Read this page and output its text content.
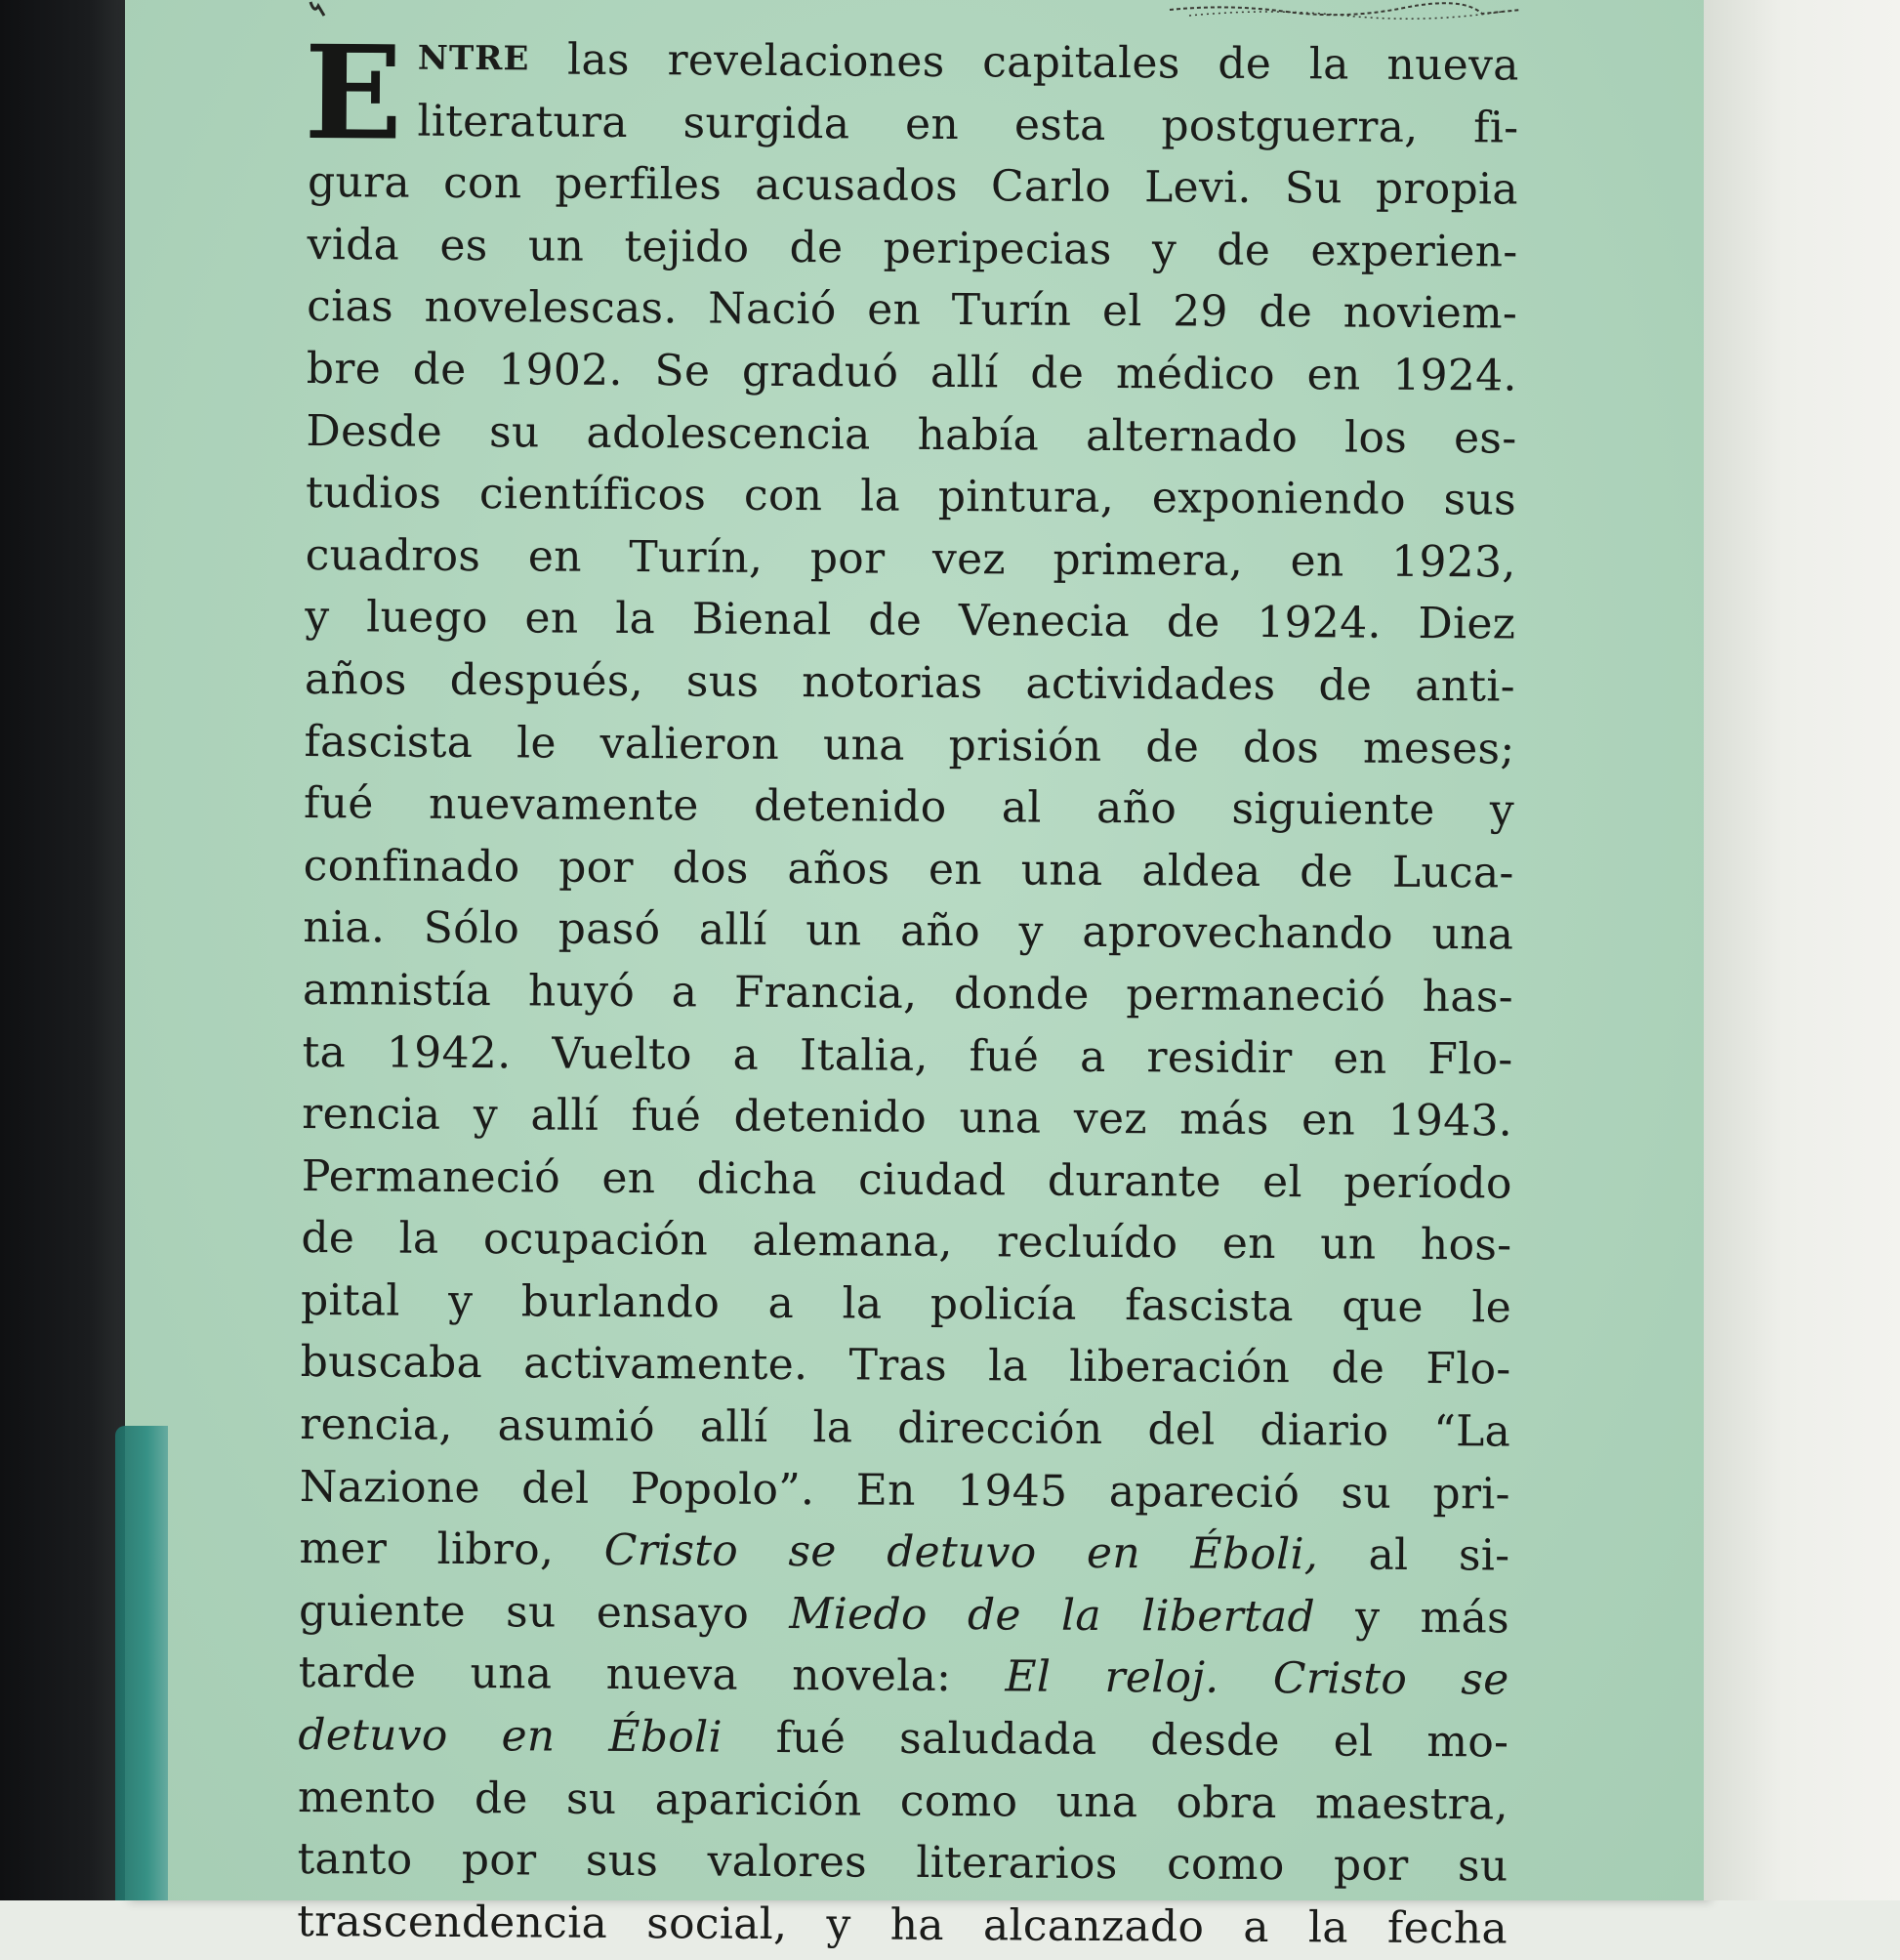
E NTRE las revelaciones capitales de la nueva
literatura surgida en esta postguerra, fi-
gura con perfiles acusados Carlo Levi. Su propia
vida es un tejido de peripecias y de experien-
cias novelescas. Nació en Turín el 29 de noviem-
bre de 1902. Se graduó allí de médico en 1924.
Desde su adolescencia había alternado los es-
tudios científicos con la pintura, exponiendo sus
cuadros en Turín, por vez primera, en 1923,
y luego en la Bienal de Venecia de 1924. Diez
años después, sus notorias actividades de anti-
fascista le valieron una prisión de dos meses;
fué nuevamente detenido al año siguiente y
confinado por dos años en una aldea de Luca-
nia. Sólo pasó allí un año y aprovechando una
amnistía huyó a Francia, donde permaneció has-
ta 1942. Vuelto a Italia, fué a residir en Flo-
rencia y allí fué detenido una vez más en 1943.
Permaneció en dicha ciudad durante el período
de la ocupación alemana, recluído en un hos-
pital y burlando a la policía fascista que le
buscaba activamente. Tras la liberación de Flo-
rencia, asumió allí la dirección del diario “La
Nazione del Popolo”. En 1945 apareció su pri-
mer libro, Cristo se detuvo en Éboli, al si-
guiente su ensayo Miedo de la libertad y más
tarde una nueva novela: El reloj. Cristo se
detuvo en Éboli fué saludada desde el mo-
mento de su aparición como una obra maestra,
tanto por sus valores literarios como por su
trascendencia social, y ha alcanzado a la fecha
